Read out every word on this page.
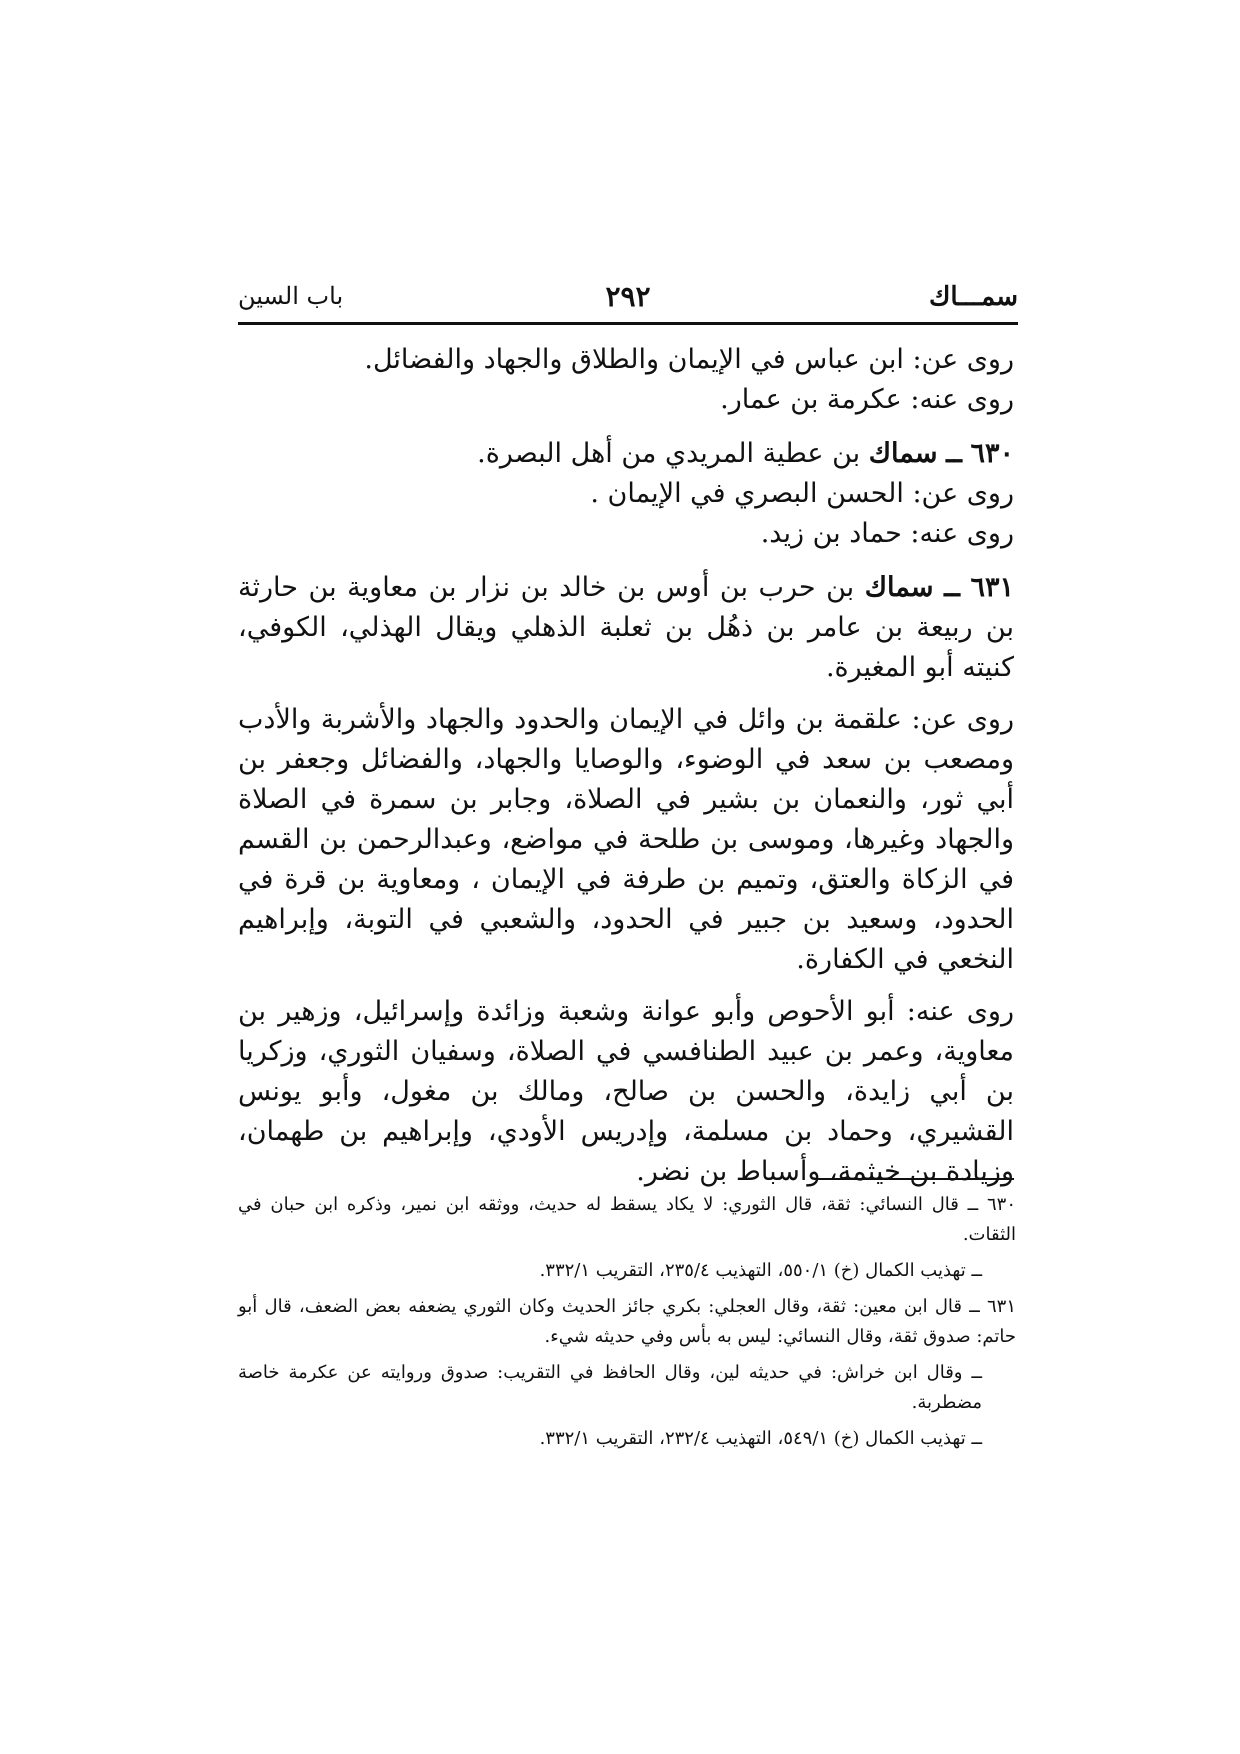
سمـــاك
٢٩٢
باب السين

روى عن: ابن عباس في الإيمان والطلاق والجهاد والفضائل.

روى عنه: عكرمة بن عمار.

٦٣٠ ــ سماك بن عطية المريدي من أهل البصرة.

روى عن: الحسن البصري في الإيمان .

روى عنه: حماد بن زيد.

٦٣١ ــ سماك بن حرب بن أوس بن خالد بن نزار بن معاوية بن حارثة بن ربيعة بن عامر بن ذهُل بن ثعلبة الذهلي ويقال الهذلي، الكوفي، كنيته أبو المغيرة.

روى عن: علقمة بن وائل في الإيمان والحدود والجهاد والأشربة والأدب ومصعب بن سعد في الوضوء، والوصايا والجهاد، والفضائل وجعفر بن أبي ثور، والنعمان بن بشير في الصلاة، وجابر بن سمرة في الصلاة والجهاد وغيرها، وموسى بن طلحة في مواضع، وعبدالرحمن بن القسم في الزكاة والعتق، وتميم بن طرفة في الإيمان ، ومعاوية بن قرة في الحدود، وسعيد بن جبير في الحدود، والشعبي في التوبة، وإبراهيم النخعي في الكفارة.

روى عنه: أبو الأحوص وأبو عوانة وشعبة وزائدة وإسرائيل، وزهير بن معاوية، وعمر بن عبيد الطنافسي في الصلاة، وسفيان الثوري، وزكريا بن أبي زايدة، والحسن بن صالح، ومالك بن مغول، وأبو يونس القشيري، وحماد بن مسلمة، وإدريس الأودي، وإبراهيم بن طهمان، وزيادة بن خيثمة، وأسباط بن نضر.

٦٣٠ ــ قال النسائي: ثقة، قال الثوري: لا يكاد يسقط له حديث، ووثقه ابن نمير، وذكره ابن حبان في الثقات.

ــ تهذيب الكمال (خ) ٥٥٠/١، التهذيب ٢٣٥/٤، التقريب ٣٣٢/١.

٦٣١ ــ قال ابن معين: ثقة، وقال العجلي: بكري جائز الحديث وكان الثوري يضعفه بعض الضعف، قال أبو حاتم: صدوق ثقة، وقال النسائي: ليس به بأس وفي حديثه شيء.

ــ وقال ابن خراش: في حديثه لين، وقال الحافظ في التقريب: صدوق وروايته عن عكرمة خاصة مضطربة.

ــ تهذيب الكمال (خ) ٥٤٩/١، التهذيب ٢٣٢/٤، التقريب ٣٣٢/١.
